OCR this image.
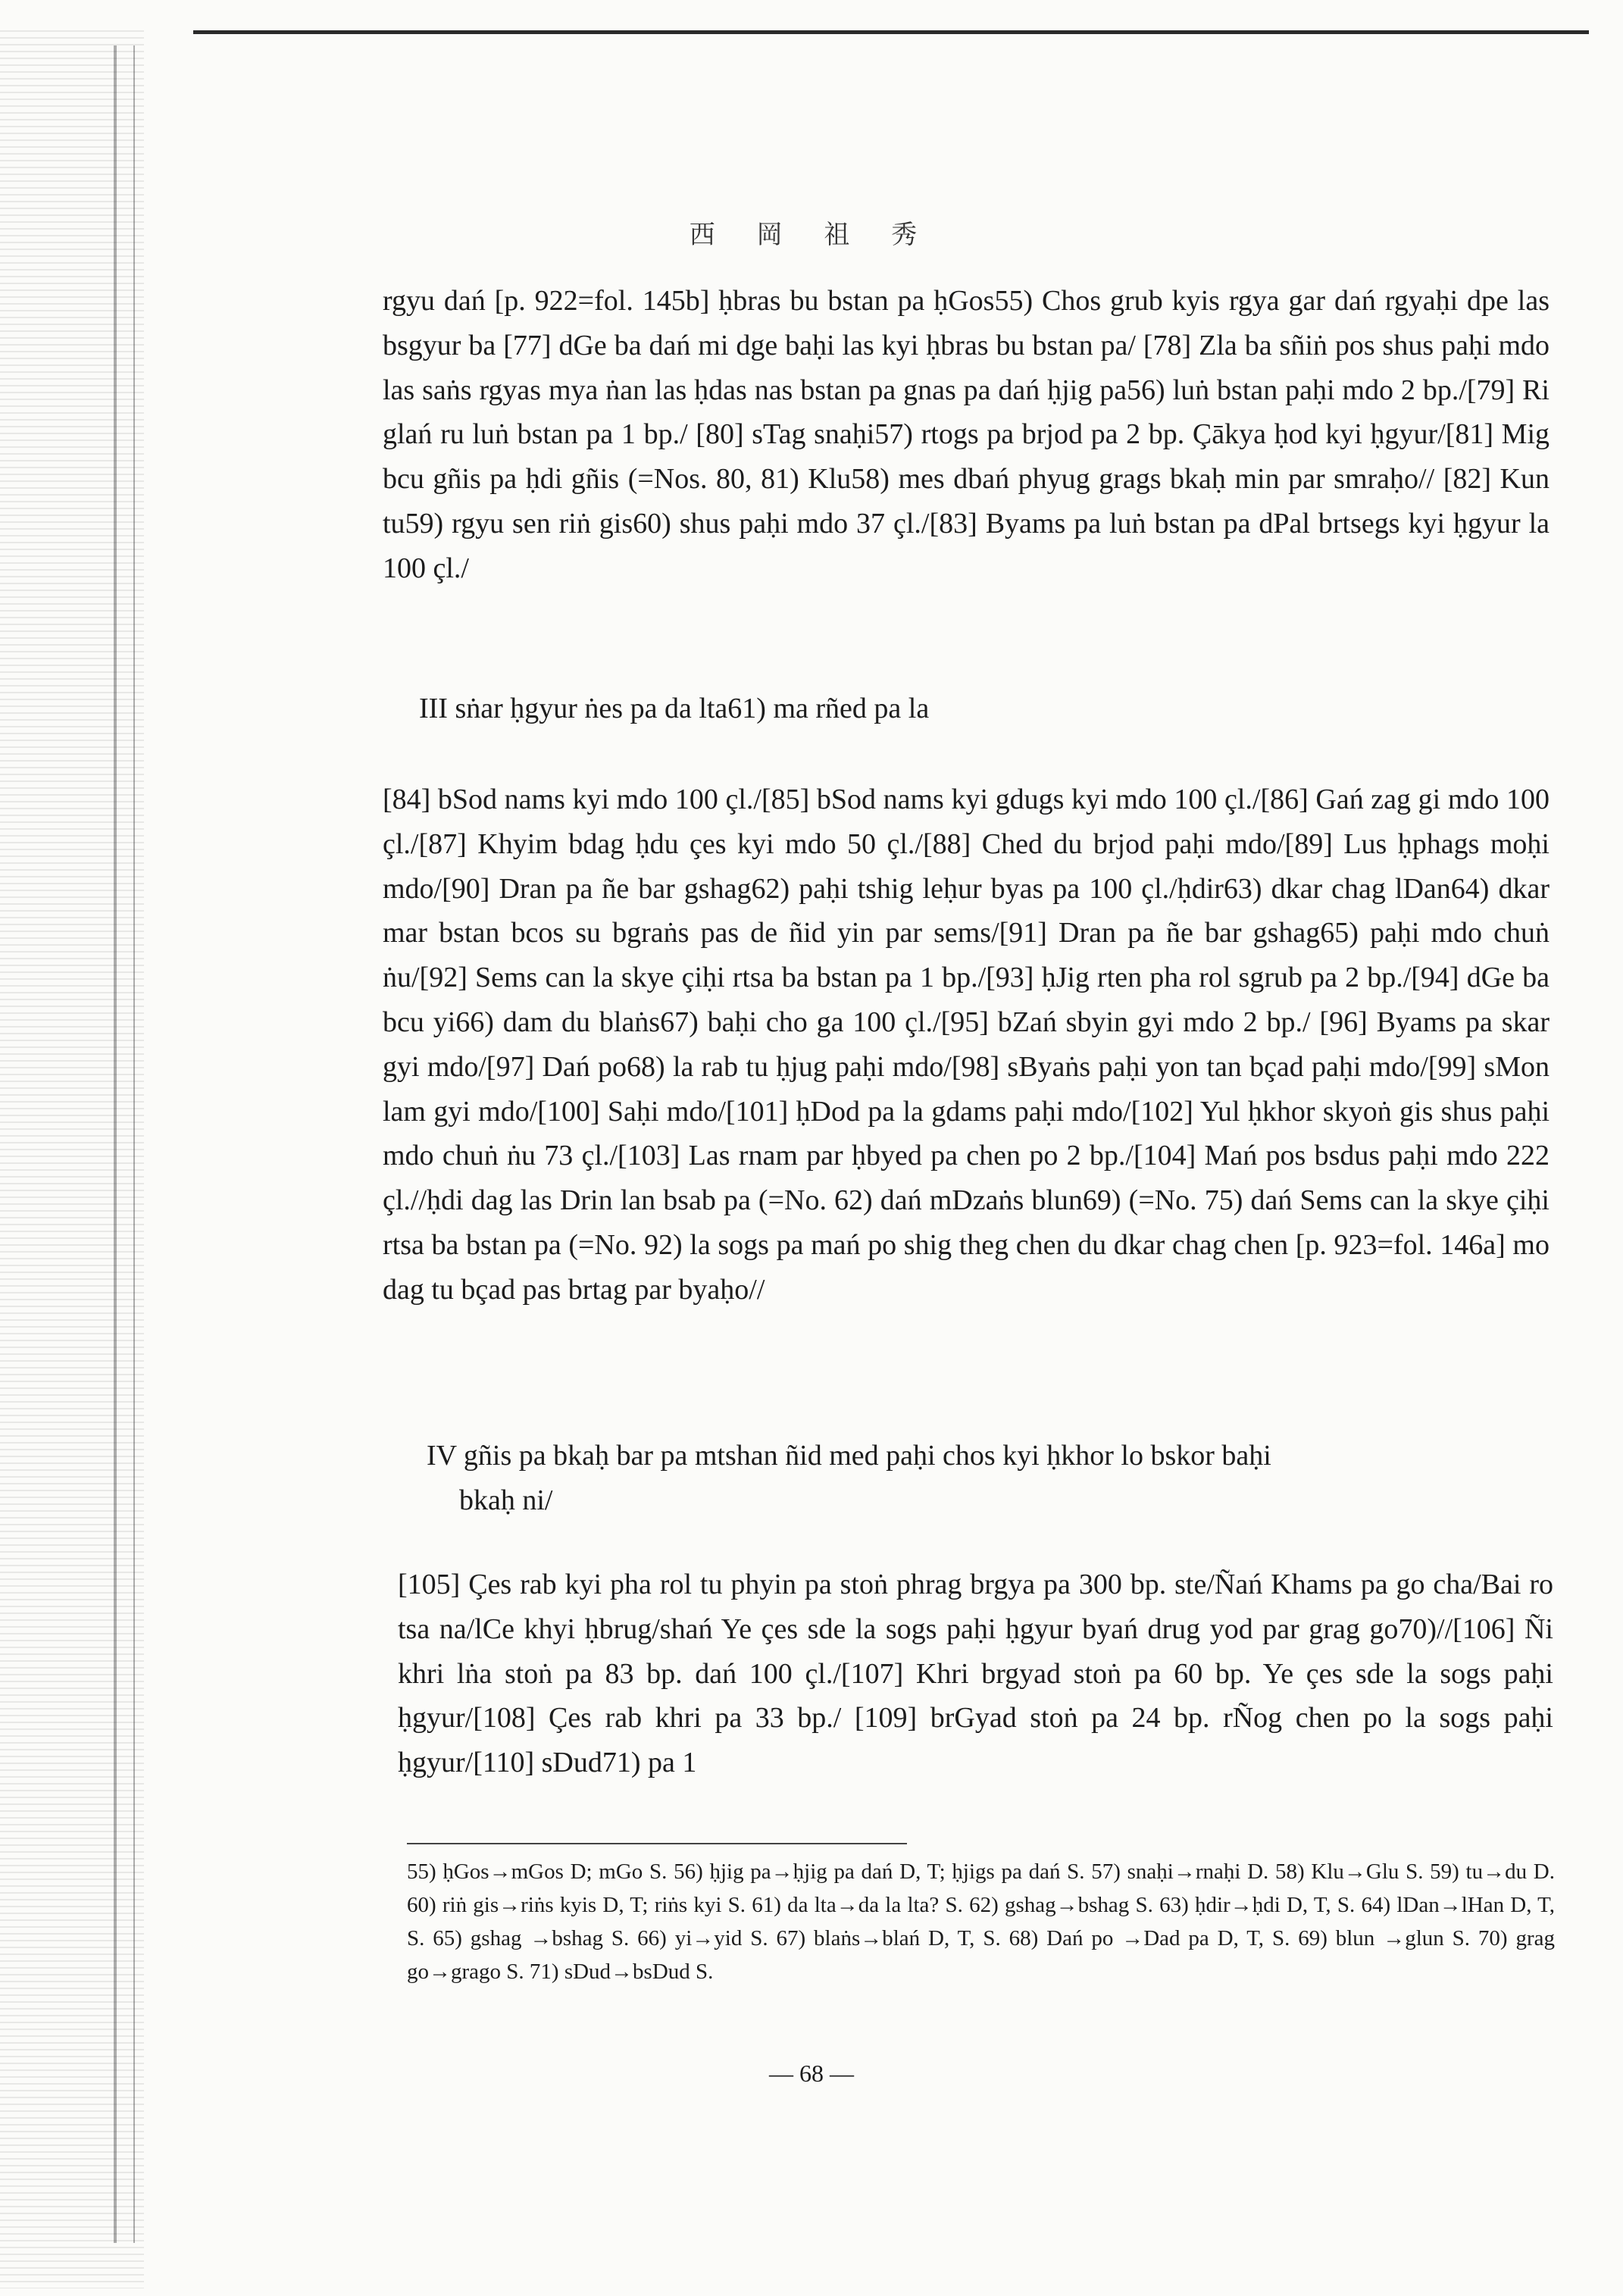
西 岡 祖 秀
rgyu dań [p. 922=fol. 145b] ḥbras bu bstan pa ḥGos55) Chos grub kyis rgya gar dań rgyaḥi dpe las bsgyur ba [77] dGe ba dań mi dge baḥi las kyi ḥbras bu bstan pa/ [78] Zla ba sñiṅ pos shus paḥi mdo las saṅs rgyas mya ṅan las ḥdas nas bstan pa gnas pa dań ḥjig pa56) luṅ bstan paḥi mdo 2 bp./[79] Ri glań ru luṅ bstan pa 1 bp./ [80] sTag snaḥi57) rtogs pa brjod pa 2 bp. Çākya ḥod kyi ḥgyur/[81] Mig bcu gñis pa ḥdi gñis (=Nos. 80, 81) Klu58) mes dbań phyug grags bkaḥ min par smraḥo// [82] Kun tu59) rgyu sen riṅ gis60) shus paḥi mdo 37 çl./[83] Byams pa luṅ bstan pa dPal brtsegs kyi ḥgyur la 100 çl./
III sṅar ḥgyur ṅes pa da lta61) ma rñed pa la
[84] bSod nams kyi mdo 100 çl./[85] bSod nams kyi gdugs kyi mdo 100 çl./[86] Gań zag gi mdo 100 çl./[87] Khyim bdag ḥdu çes kyi mdo 50 çl./[88] Ched du brjod paḥi mdo/[89] Lus ḥphags moḥi mdo/[90] Dran pa ñe bar gshag62) paḥi tshig leḥur byas pa 100 çl./ḥdir63) dkar chag lDan64) dkar mar bstan bcos su bgraṅs pas de ñid yin par sems/[91] Dran pa ñe bar gshag65) paḥi mdo chuṅ ṅu/[92] Sems can la skye çiḥi rtsa ba bstan pa 1 bp./[93] ḥJig rten pha rol sgrub pa 2 bp./[94] dGe ba bcu yi66) dam du blaṅs67) baḥi cho ga 100 çl./[95] bZań sbyin gyi mdo 2 bp./ [96] Byams pa skar gyi mdo/[97] Dań po68) la rab tu ḥjug paḥi mdo/[98] sByaṅs paḥi yon tan bçad paḥi mdo/[99] sMon lam gyi mdo/[100] Saḥi mdo/[101] ḥDod pa la gdams paḥi mdo/[102] Yul ḥkhor skyoṅ gis shus paḥi mdo chuṅ ṅu 73 çl./[103] Las rnam par ḥbyed pa chen po 2 bp./[104] Mań pos bsdus paḥi mdo 222 çl.//ḥdi dag las Drin lan bsab pa (=No. 62) dań mDzaṅs blun69) (=No. 75) dań Sems can la skye çiḥi rtsa ba bstan pa (=No. 92) la sogs pa mań po shig theg chen du dkar chag chen [p. 923=fol. 146a] mo dag tu bçad pas brtag par byaḥo//
IV gñis pa bkaḥ bar pa mtshan ñid med paḥi chos kyi ḥkhor lo bskor baḥi
bkaḥ ni/
[105] Çes rab kyi pha rol tu phyin pa stoṅ phrag brgya pa 300 bp. ste/Ñań Khams pa go cha/Bai ro tsa na/lCe khyi ḥbrug/shań Ye çes sde la sogs paḥi ḥgyur byań drug yod par grag go70)//[106] Ñi khri lṅa stoṅ pa 83 bp. dań 100 çl./[107] Khri brgyad stoṅ pa 60 bp. Ye çes sde la sogs paḥi ḥgyur/[108] Çes rab khri pa 33 bp./ [109] brGyad stoṅ pa 24 bp. rÑog chen po la sogs paḥi ḥgyur/[110] sDud71) pa 1
55) ḥGos→mGos D; mGo S. 56) ḥjig pa→ḥjig pa dań D, T; ḥjigs pa dań S. 57) snaḥi→rnaḥi D. 58) Klu→Glu S. 59) tu→du D. 60) riṅ gis→riṅs kyis D, T; riṅs kyi S. 61) da lta→da la lta? S. 62) gshag→bshag S. 63) ḥdir→ḥdi D, T, S. 64) lDan→lHan D, T, S. 65) gshag →bshag S. 66) yi→yid S. 67) blaṅs→blań D, T, S. 68) Dań po →Dad pa D, T, S. 69) blun →glun S. 70) grag go→grago S. 71) sDud→bsDud S.
— 68 —
